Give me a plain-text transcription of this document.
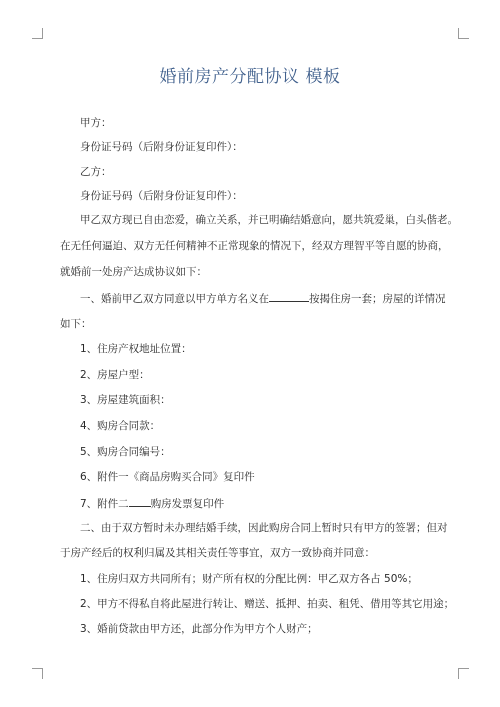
婚前房产分配协议 模板
甲方：
身份证号码（后附身份证复印件）：
乙方：
身份证号码（后附身份证复印件）：
甲乙双方现已自由恋爱，确立关系，并已明确结婚意向，愿共筑爱巢，白头偕老。
在无任何逼迫、双方无任何精神不正常现象的情况下，经双方理智平等自愿的协商，
就婚前一处房产达成协议如下：
一、婚前甲乙双方同意以甲方单方名义在	按揭住房一套；房屋的详情况
如下：
1、住房产权地址位置：
2、房屋户型：
3、房屋建筑面积：
4、购房合同款：
5、购房合同编号：
6、附件一《商品房购买合同》复印件
7、附件二 购房发票复印件
二、由于双方暂时未办理结婚手续，因此购房合同上暂时只有甲方的签署；但对
于房产经后的权利归属及其相关责任等事宜，双方一致协商并同意：
1、住房归双方共同所有；财产所有权的分配比例：甲乙双方各占 50%；
2、甲方不得私自将此屋进行转让、赠送、抵押、拍卖、租凭、借用等其它用途；
3、婚前贷款由甲方还，此部分作为甲方个人财产；
